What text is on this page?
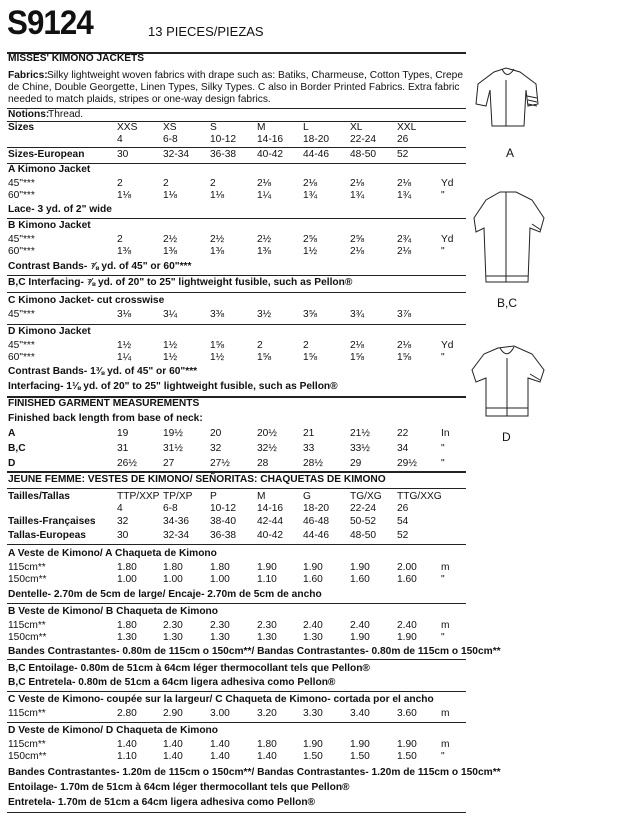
S9124	13 PIECES/PIEZAS
MISSES' KIMONO JACKETS
Fabrics: Silky lightweight woven fabrics with drape such as: Batiks, Charmeuse, Cotton Types, Crepe
de Chine, Double Georgette, Linen Types, Silky Types. C also in Border Printed Fabrics. Extra fabric
needed to match plaids, stripes or one-way design fabrics.
Notions:
Thread.
Sizes	XXS	XS	S	M	L	XL	XXL
4	6-8	10-12 14-16 18-20 22-24 26
Sizes-European	30	32-34 36-38 40-42 44-46 48-50 52
A Kimono Jacket
45"***	2	2	2	2⅛	2⅛	2⅛	2⅛	Yd
60"***	1⅛	1⅛	1⅛	1¼	1¾	1¾	1¾	"
Lace- 3 yd. of 2" wide
B Kimono Jacket
45"***	2	2½	2½	2½	2⅝	2⅝	2¾	Yd
60"***	1⅜	1⅜	1⅜	1⅜	1½	2⅛	2⅛	"
Contrast Bands- ⅞ yd. of 45" or 60"***
B,C Interfacing- ⅞ yd. of 20" to 25" lightweight fusible, such as Pellon®
C Kimono Jacket- cut crosswise
45"***	3⅛	3¼	3⅜	3½	3⅝	3¾	3⅞
D Kimono Jacket
45"***	1½	1½	1⅝	2	2	2⅛	2⅛	Yd
60"***	1¼	1½	1½	1⅝	1⅝	1⅝	1⅝	"
Contrast Bands- 1⅜ yd. of 45" or 60"***
Interfacing- 1⅛ yd. of 20" to 25" lightweight fusible, such as Pellon®
FINISHED GARMENT MEASUREMENTS
Finished back length from base of neck:
A	19	19½	20	20½	21	21½	22	In
B,C	31	31½	32	32½	33	33½	34	"
D	26½	27	27½	28	28½	29	29½ "
JEUNE FEMME: VESTES DE KIMONO/ SEÑORITAS: CHAQUETAS DE KIMONO
Tailles/Tallas	TTP/XXP TP/XP P	M	G	TG/XG TTG/XXG
4	6-8	10-12 14-16 18-20 22-24 26
Tailles-Françaises 32	34-36 38-40 42-44 46-48 50-52 54
Tallas-Europeas	30	32-34 36-38 40-42 44-46 48-50 52
A Veste de Kimono/ A Chaqueta de Kimono
115cm**	1.80	1.80	1.80	1.90	1.90	1.90	2.00 m
150cm**	1.00	1.00	1.00	1.10	1.60	1.60	1.60 "
Dentelle- 2.70m de 5cm de large/ Encaje- 2.70m de 5cm de ancho
B Veste de Kimono/ B Chaqueta de Kimono
115cm**	1.80	2.30	2.30	2.30	2.40	2.40	2.40 m
150cm**	1.30	1.30	1.30	1.30	1.30	1.90	1.90 "
Bandes Contrastantes- 0.80m de 115cm o 150cm**/ Bandas Contrastantes- 0.80m de 115cm o 150cm**
B,C Entoilage- 0.80m de 51cm à 64cm léger thermocollant tels que Pellon®
B,C Entretela- 0.80m de 51cm a 64cm ligera adhesiva como Pellon®
C Veste de Kimono- coupée sur la largeur/ C Chaqueta de Kimono- cortada por el ancho
115cm**	2.80	2.90	3.00	3.20	3.30	3.40	3.60 m
D Veste de Kimono/ D Chaqueta de Kimono
115cm**	1.40	1.40	1.40	1.80	1.90	1.90	1.90 m
150cm**	1.10	1.40	1.40	1.40	1.50	1.50	1.50 "
Bandes Contrastantes- 1.20m de 115cm o 150cm**/ Bandas Contrastantes- 1.20m de 115cm o 150cm**
Entoilage- 1.70m de 51cm à 64cm léger thermocollant tels que Pellon®
Entretela- 1.70m de 51cm a 64cm ligera adhesiva como Pellon®
A
B,C
D
